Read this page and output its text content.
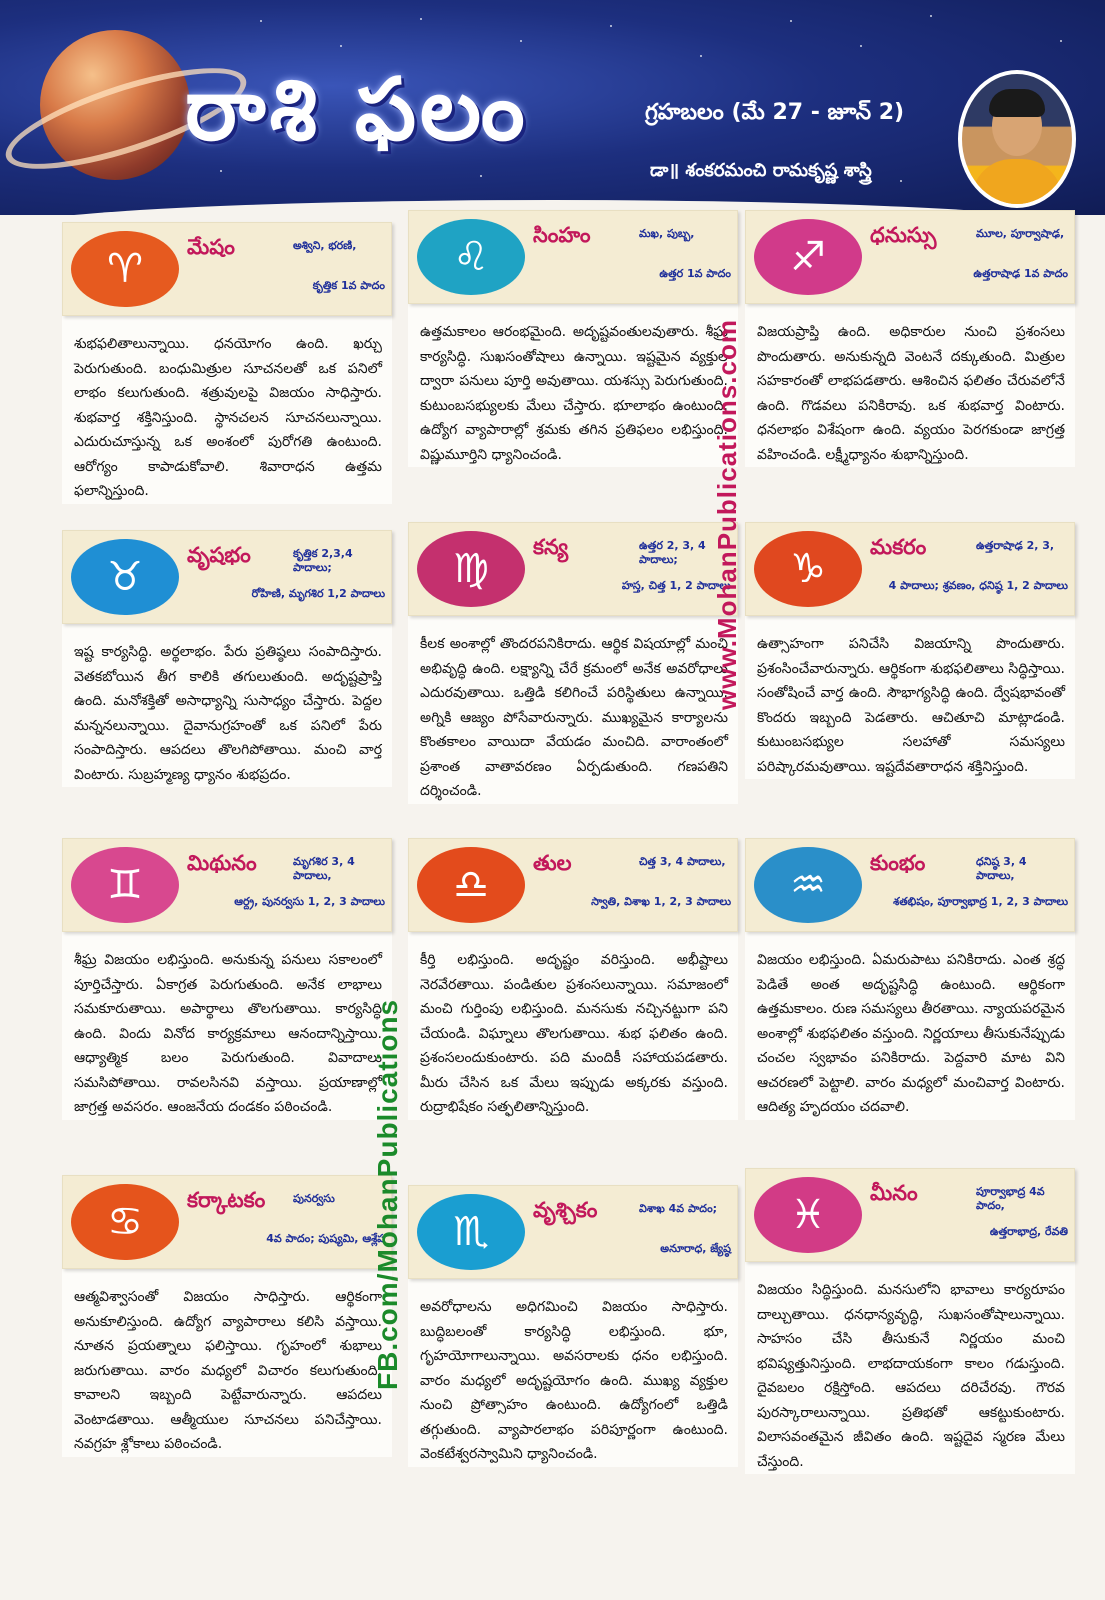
రాశి ఫలం	గ్రహబలం (మే 27 - జూన్ 2)
డా॥ శంకరమంచి రామకృష్ణ శాస్త్రి
♈	మేషం	అశ్విని, భరణి,
కృత్తిక 1వ పాదం
శుభఫలితాలున్నాయి. ధనయోగం ఉంది. ఖర్చు పెరుగుతుంది. బంధుమిత్రుల సూచనలతో ఒక పనిలో లాభం కలుగుతుంది. శత్రువులపై విజయం సాధిస్తారు. శుభవార్త శక్తినిస్తుంది. స్థానచలన సూచనలున్నాయి. ఎదురుచూస్తున్న ఒక అంశంలో పురోగతి ఉంటుంది. ఆరోగ్యం కాపాడుకోవాలి. శివారాధన ఉత్తమ ఫలాన్నిస్తుంది.
♌	సింహం	మఖ, పుబ్బ,
ఉత్తర 1వ పాదం
ఉత్తమకాలం ఆరంభమైంది. అదృష్టవంతులవుతారు. శీఘ్ర కార్యసిద్ధి. సుఖసంతోషాలు ఉన్నాయి. ఇష్టమైన వ్యక్తుల ద్వారా పనులు పూర్తి అవుతాయి. యశస్సు పెరుగుతుంది. కుటుంబసభ్యులకు మేలు చేస్తారు. భూలాభం ఉంటుంది. ఉద్యోగ వ్యాపారాల్లో శ్రమకు తగిన ప్రతిఫలం లభిస్తుంది. విష్ణుమూర్తిని ధ్యానించండి.
♐	ధనుస్సు	మూల, పూర్వాషాఢ,
ఉత్తరాషాఢ 1వ పాదం
విజయప్రాప్తి ఉంది. అధికారుల నుంచి ప్రశంసలు పొందుతారు. అనుకున్నది వెంటనే దక్కుతుంది. మిత్రుల సహకారంతో లాభపడతారు. ఆశించిన ఫలితం చేరువలోనే ఉంది. గొడవలు పనికిరావు. ఒక శుభవార్త వింటారు. ధనలాభం విశేషంగా ఉంది. వ్యయం పెరగకుండా జాగ్రత్త వహించండి. లక్ష్మీధ్యానం శుభాన్నిస్తుంది.
♉	వృషభం	కృత్తిక 2,3,4 పాదాలు;
రోహిణి, మృగశిర 1,2 పాదాలు
ఇష్ట కార్యసిద్ధి. అర్థలాభం. పేరు ప్రతిష్ఠలు సంపాదిస్తారు. వెతకబోయిన తీగ కాలికి తగులుతుంది. అదృష్టప్రాప్తి ఉంది. మనోశక్తితో అసాధ్యాన్ని సుసాధ్యం చేస్తారు. పెద్దల మన్ననలున్నాయి. దైవానుగ్రహంతో ఒక పనిలో పేరు సంపాదిస్తారు. ఆపదలు తొలగిపోతాయి. మంచి వార్త వింటారు. సుబ్రహ్మణ్య ధ్యానం శుభప్రదం.
♍	కన్య	ఉత్తర 2, 3, 4 పాదాలు;
హస్త, చిత్త 1, 2 పాదాలు
కీలక అంశాల్లో తొందరపనికిరాదు. ఆర్థిక విషయాల్లో మంచి అభివృద్ధి ఉంది. లక్ష్యాన్ని చేరే క్రమంలో అనేక అవరోధాలు ఎదురవుతాయి. ఒత్తిడి కలిగించే పరిస్థితులు ఉన్నాయి. అగ్నికి ఆజ్యం పోసేవారున్నారు. ముఖ్యమైన కార్యాలను కొంతకాలం వాయిదా వేయడం మంచిది. వారాంతంలో ప్రశాంత వాతావరణం ఏర్పడుతుంది. గణపతిని దర్శించండి.
♑	మకరం	ఉత్తరాషాఢ 2, 3,
4 పాదాలు; శ్రవణం, ధనిష్ఠ 1, 2 పాదాలు
ఉత్సాహంగా పనిచేసి విజయాన్ని పొందుతారు. ప్రశంసించేవారున్నారు. ఆర్థికంగా శుభఫలితాలు సిద్ధిస్తాయి. సంతోషించే వార్త ఉంది. సౌభాగ్యసిద్ధి ఉంది. ద్వేషభావంతో కొందరు ఇబ్బంది పెడతారు. ఆచితూచి మాట్లాడండి. కుటుంబసభ్యుల సలహాతో సమస్యలు పరిష్కారమవుతాయి. ఇష్టదేవతారాధన శక్తినిస్తుంది.
♊	మిథునం	మృగశిర 3, 4 పాదాలు,
ఆర్ద్ర, పునర్వసు 1, 2, 3 పాదాలు
శీఘ్ర విజయం లభిస్తుంది. అనుకున్న పనులు సకాలంలో పూర్తిచేస్తారు. ఏకాగ్రత పెరుగుతుంది. అనేక లాభాలు సమకూరుతాయి. అపార్థాలు తొలగుతాయి. కార్యసిద్ధి ఉంది. విందు వినోద కార్యక్రమాలు ఆనందాన్నిస్తాయి. ఆధ్యాత్మిక బలం పెరుగుతుంది. వివాదాలు సమసిపోతాయి. రావలసినవి వస్తాయి. ప్రయాణాల్లో జాగ్రత్త అవసరం. ఆంజనేయ దండకం పఠించండి.
♎	తుల	చిత్త 3, 4 పాదాలు,
స్వాతి, విశాఖ 1, 2, 3 పాదాలు
కీర్తి లభిస్తుంది. అదృష్టం వరిస్తుంది. అభీష్టాలు నెరవేరతాయి. పండితుల ప్రశంసలున్నాయి. సమాజంలో మంచి గుర్తింపు లభిస్తుంది. మనసుకు నచ్చినట్టుగా పని చేయండి. విఘ్నాలు తొలగుతాయి. శుభ ఫలితం ఉంది. ప్రశంసలందుకుంటారు. పది మందికీ సహాయపడతారు. మీరు చేసిన ఒక మేలు ఇప్పుడు అక్కరకు వస్తుంది. రుద్రాభిషేకం సత్ఫలితాన్నిస్తుంది.
♒	కుంభం	ధనిష్ఠ 3, 4 పాదాలు,
శతభిషం, పూర్వాభాద్ర 1, 2, 3 పాదాలు
విజయం లభిస్తుంది. ఏమరుపాటు పనికిరాదు. ఎంత శ్రద్ధ పెడితే అంత అదృష్టసిద్ధి ఉంటుంది. ఆర్థికంగా ఉత్తమకాలం. రుణ సమస్యలు తీరతాయి. న్యాయపరమైన అంశాల్లో శుభఫలితం వస్తుంది. నిర్ణయాలు తీసుకునేప్పుడు చంచల స్వభావం పనికిరాదు. పెద్దవారి మాట విని ఆచరణలో పెట్టాలి. వారం మధ్యలో మంచివార్త వింటారు. ఆదిత్య హృదయం చదవాలి.
♋	కర్కాటకం	పునర్వసు
4వ పాదం; పుష్యమి, ఆశ్లేష
ఆత్మవిశ్వాసంతో విజయం సాధిస్తారు. ఆర్థికంగా అనుకూలిస్తుంది. ఉద్యోగ వ్యాపారాలు కలిసి వస్తాయి. నూతన ప్రయత్నాలు ఫలిస్తాయి. గృహంలో శుభాలు జరుగుతాయి. వారం మధ్యలో విచారం కలుగుతుంది. కావాలని ఇబ్బంది పెట్టేవారున్నారు. ఆపదలు వెంటాడతాయి. ఆత్మీయుల సూచనలు పనిచేస్తాయి. నవగ్రహ శ్లోకాలు పఠించండి.
♏	వృశ్చికం	విశాఖ 4వ పాదం;
అనూరాధ, జ్యేష్ఠ
అవరోధాలను అధిగమించి విజయం సాధిస్తారు. బుద్ధిబలంతో కార్యసిద్ధి లభిస్తుంది. భూ, గృహయోగాలున్నాయి. అవసరాలకు ధనం లభిస్తుంది. వారం మధ్యలో అదృష్టయోగం ఉంది. ముఖ్య వ్యక్తుల నుంచి ప్రోత్సాహం ఉంటుంది. ఉద్యోగంలో ఒత్తిడి తగ్గుతుంది. వ్యాపారలాభం పరిపూర్ణంగా ఉంటుంది. వెంకటేశ్వరస్వామిని ధ్యానించండి.
♓	మీనం	పూర్వాభాద్ర 4వ పాదం,
ఉత్తరాభాద్ర, రేవతి
విజయం సిద్ధిస్తుంది. మనసులోని భావాలు కార్యరూపం దాల్చుతాయి. ధనధాన్యవృద్ధి, సుఖసంతోషాలున్నాయి. సాహసం చేసి తీసుకునే నిర్ణయం మంచి భవిష్యత్తునిస్తుంది. లాభదాయకంగా కాలం గడుస్తుంది. దైవబలం రక్షిస్తోంది. ఆపదలు దరిచేరవు. గౌరవ పురస్కారాలున్నాయి. ప్రతిభతో ఆకట్టుకుంటారు. విలాసవంతమైన జీవితం ఉంది. ఇష్టదైవ స్మరణ మేలు చేస్తుంది.
www.MohanPublications.com
FB.com/MohanPublications
